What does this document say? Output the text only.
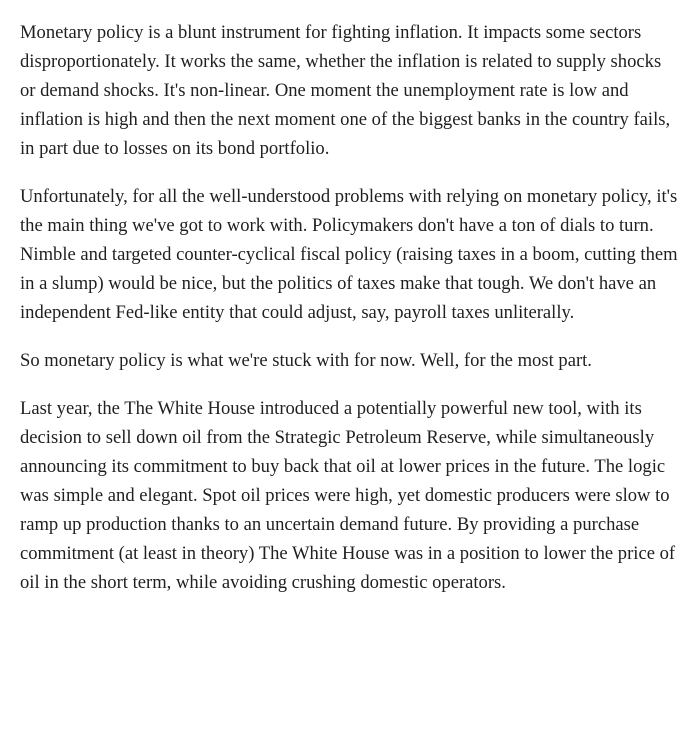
Monetary policy is a blunt instrument for fighting inflation. It impacts some sectors disproportionately. It works the same, whether the inflation is related to supply shocks or demand shocks. It's non-linear. One moment the unemployment rate is low and inflation is high and then the next moment one of the biggest banks in the country fails, in part due to losses on its bond portfolio.

Unfortunately, for all the well-understood problems with relying on monetary policy, it's the main thing we've got to work with. Policymakers don't have a ton of dials to turn. Nimble and targeted counter-cyclical fiscal policy (raising taxes in a boom, cutting them in a slump) would be nice, but the politics of taxes make that tough. We don't have an independent Fed-like entity that could adjust, say, payroll taxes unliterally.

So monetary policy is what we're stuck with for now. Well, for the most part.

Last year, the The White House introduced a potentially powerful new tool, with its decision to sell down oil from the Strategic Petroleum Reserve, while simultaneously announcing its commitment to buy back that oil at lower prices in the future. The logic was simple and elegant. Spot oil prices were high, yet domestic producers were slow to ramp up production thanks to an uncertain demand future. By providing a purchase commitment (at least in theory) The White House was in a position to lower the price of oil in the short term, while avoiding crushing domestic operators.
